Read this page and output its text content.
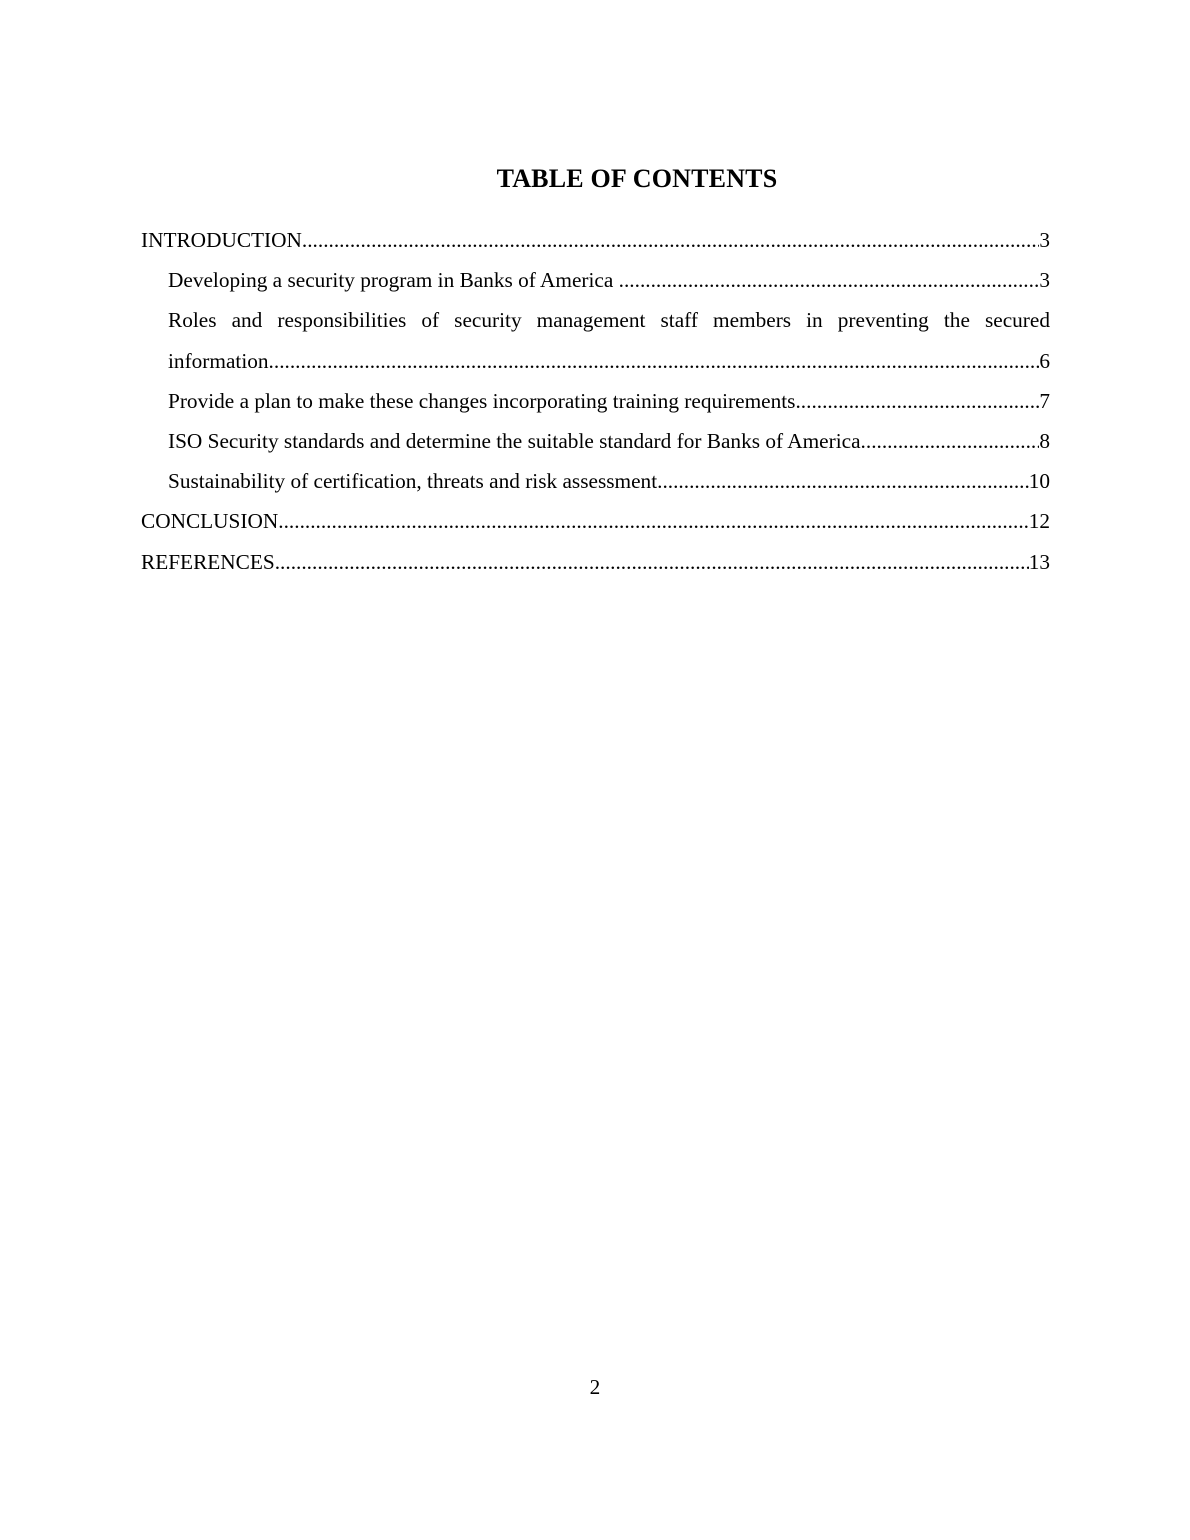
TABLE OF CONTENTS
INTRODUCTION .....	3
Developing a security program in Banks of America .....	3
Roles and responsibilities of security management staff members in preventing the secured
information .....	6
Provide a plan to make these changes incorporating training requirements .....	7
ISO Security standards and determine the suitable standard for Banks of America .....	8
Sustainability of certification, threats and risk assessment .....	10
CONCLUSION .....	12
REFERENCES .....	13
2
